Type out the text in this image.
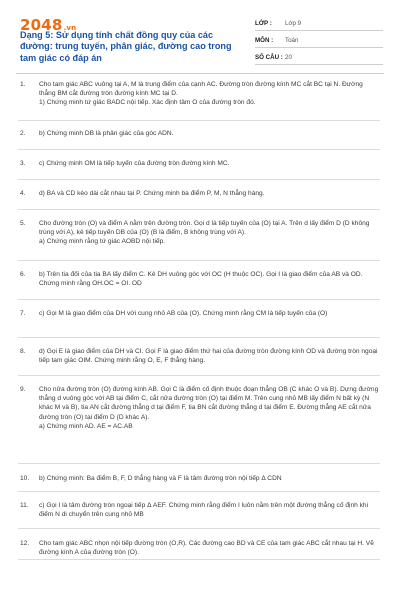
2048.vn
Dạng 5: Sử dụng tính chất đồng quy của các đường: trung tuyến, phân giác, đường cao trong tam giác có đáp án
LỚP :	Lớp 9
MÔN :	Toán
SỐ CÂU : 20
1.	Cho tam giác ABC vuông tại A, M là trung điểm của cạnh AC. Đường tròn đường kính MC cắt BC tại N. Đường thẳng BM cắt đường tròn đường kính MC tại D.
1) Chứng minh tứ giác BADC nội tiếp. Xác định tâm O của đường tròn đó.
2.	b) Chứng minh DB là phân giác của góc ADN.
3.	c) Chứng minh OM là tiếp tuyến của đường tròn đường kính MC.
4.	d) BA và CD kéo dài cắt nhau tại P. Chứng minh ba điểm P, M, N thẳng hàng.
5.	Cho đường tròn (O) và điểm A nằm trên đường tròn. Gọi d là tiếp tuyến của (O) tại A. Trên d lấy điểm D (D không trùng với A), kẻ tiếp tuyến DB của (O) (B là điểm, B không trùng với A).
a) Chứng minh rằng tứ giác AOBD nội tiếp.
6.	b) Trên tia đối của tia BA lấy điểm C. Kẻ DH vuông góc với OC (H thuộc OC). Gọi I là giao điểm của AB và OD. Chứng minh rằng OH.OC = OI. OD
7.	c) Gọi M là giao điểm của DH với cung nhỏ AB của (O). Chứng minh rằng CM là tiếp tuyến của (O)
8.	d) Gọi E là giao điểm của DH và CI. Gọi F là giao điểm thứ hai của đường tròn đường kính OD và đường tròn ngoại tiếp tam giác OIM. Chứng minh rằng O, E, F thẳng hàng.
9.	Cho nửa đường tròn (O) đường kính AB. Gọi C là điểm cố định thuộc đoạn thẳng OB (C khác O và B). Dựng đường thẳng d vuông góc với AB tại điểm C, cắt nửa đường tròn (O) tại điểm M. Trên cung nhỏ MB lấy điểm N bất kỳ (N khác M và B), tia AN cắt đường thẳng d tại điểm F, tia BN cắt đường thẳng d tại điểm E. Đường thẳng AE cắt nửa đường tròn (O) tại điểm D (D khác A).
a) Chứng minh AD. AE = AC.AB
10.	b) Chứng minh: Ba điểm B, F, D thẳng hàng và F là tâm đường tròn nội tiếp Δ CDN
11.	c) Gọi I là tâm đường tròn ngoại tiếp Δ AEF. Chứng minh rằng điểm I luôn nằm trên một đường thẳng cố định khi điểm N di chuyển trên cung nhỏ MB
12.	Cho tam giác ABC nhọn nội tiếp đường tròn (O,R). Các đường cao BD và CE của tam giác ABC cắt nhau tại H. Vẽ đường kính A của đường tròn (O).
